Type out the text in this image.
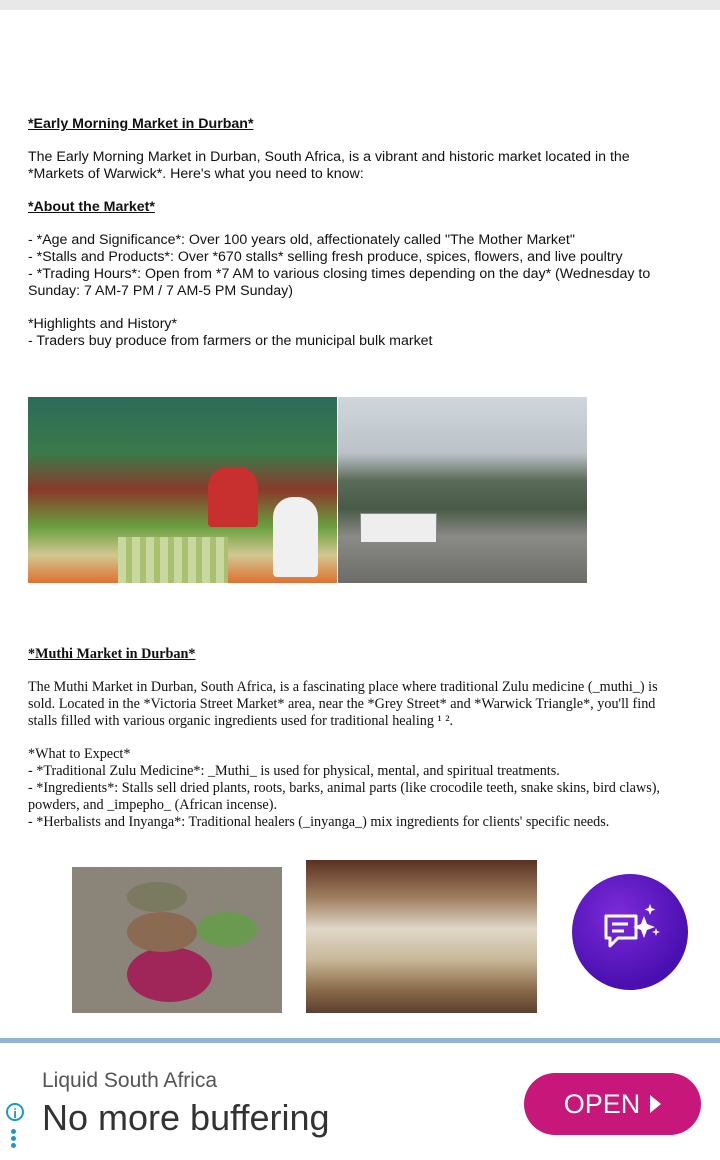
*Early Morning Market in Durban*

The Early Morning Market in Durban, South Africa, is a vibrant and historic market located in the *Markets of Warwick*. Here's what you need to know:

*About the Market*

- *Age and Significance*: Over 100 years old, affectionately called "The Mother Market"
- *Stalls and Products*: Over *670 stalls* selling fresh produce, spices, flowers, and live poultry
- *Trading Hours*: Open from *7 AM to various closing times depending on the day* (Wednesday to Sunday: 7 AM-7 PM / 7 AM-5 PM Sunday)

*Highlights and History*
- Traders buy produce from farmers or the municipal bulk market

*Muthi Market in Durban*

The Muthi Market in Durban, South Africa, is a fascinating place where traditional Zulu medicine (_muthi_) is sold. Located in the *Victoria Street Market* area, near the *Grey Street* and *Warwick Triangle*, you'll find stalls filled with various organic ingredients used for traditional healing ¹ ².

*What to Expect*
- *Traditional Zulu Medicine*: _Muthi_ is used for physical, mental, and spiritual treatments.
- *Ingredients*: Stalls sell dried plants, roots, barks, animal parts (like crocodile teeth, snake skins, bird claws), powders, and _impepho_ (African incense).
- *Herbalists and Inyanga*: Traditional healers (_inyanga_) mix ingredients for clients' specific needs.

i
Liquid South Africa
No more buffering	OPEN
